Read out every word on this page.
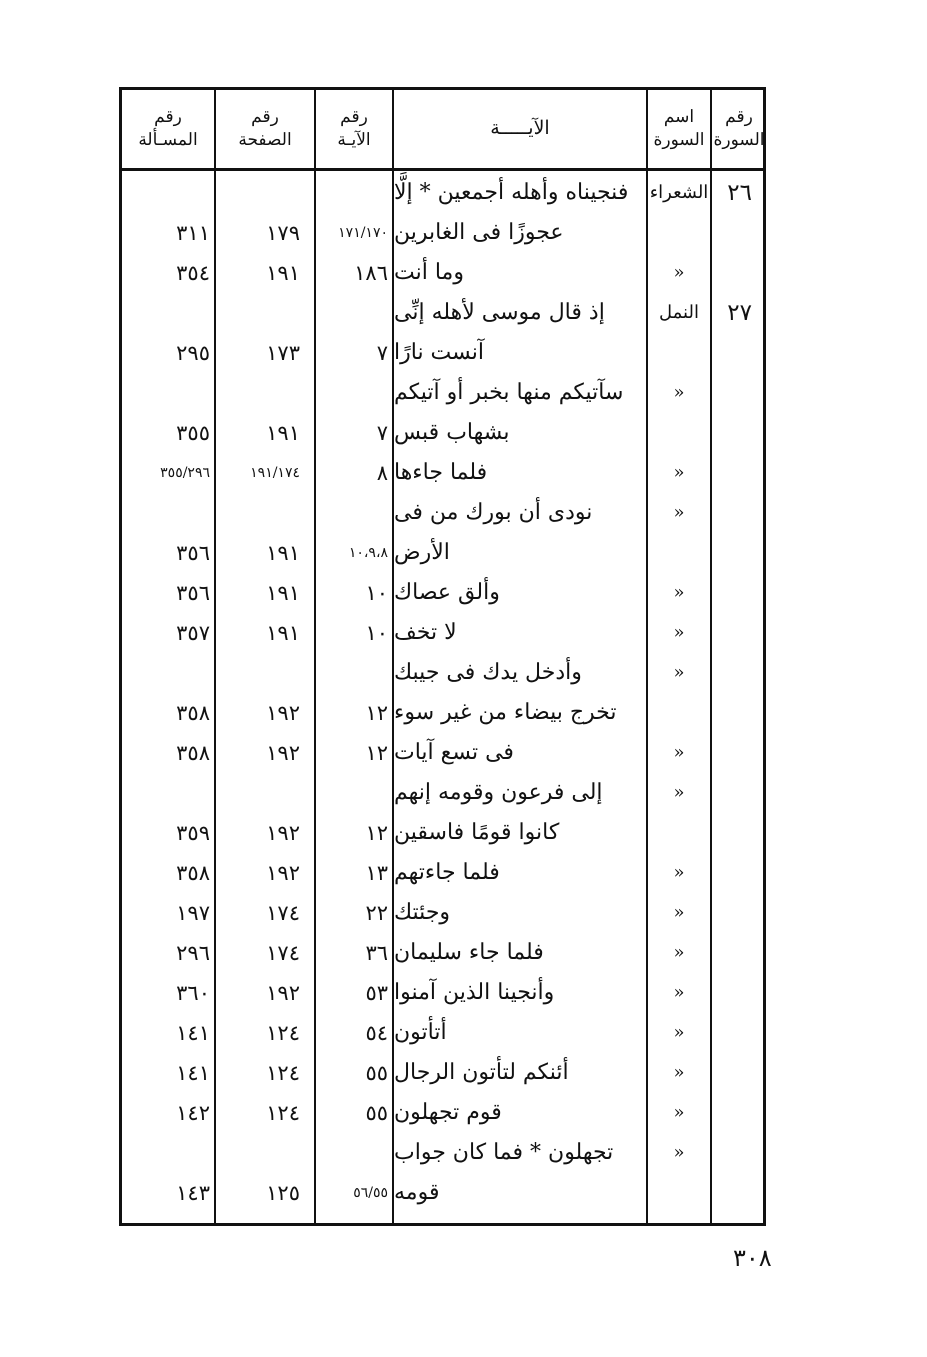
رقم
السورة
اسم
السورة
الآيـــــة
رقم
الآيـة
رقم
الصفحة
رقم
المسـألة
٢٦
الشعراء
فنجيناه وأهله أجمعين * إلَّا
عجوزًا فى الغابرين
١٧١/١٧٠
١٧٩
٣١١
»
وما أنت
١٨٦
١٩١
٣٥٤
٢٧
النمل
إذ قال موسى لأهله إنِّى
آنست نارًا
٧
١٧٣
٢٩٥
»
سآتيكم منها بخبر أو آتيكم
بشهاب قبس
٧
١٩١
٣٥٥
»
فلما جاءها
٨
١٩١/١٧٤
٣٥٥/٢٩٦
»
نودى أن بورك من فى
الأرض
١٠،٩،٨
١٩١
٣٥٦
»
وألق عصاك
١٠
١٩١
٣٥٦
»
لا تخف
١٠
١٩١
٣٥٧
»
وأدخل يدك فى جيبك
تخرج بيضاء من غير سوء
١٢
١٩٢
٣٥٨
»
فى تسع آيات
١٢
١٩٢
٣٥٨
»
إلى فرعون وقومه إنهم
كانوا قومًا فاسقين
١٢
١٩٢
٣٥٩
»
فلما جاءتهم
١٣
١٩٢
٣٥٨
»
وجئتك
٢٢
١٧٤
١٩٧
»
فلما جاء سليمان
٣٦
١٧٤
٢٩٦
»
وأنجينا الذين آمنوا
٥٣
١٩٢
٣٦٠
»
أتأتون
٥٤
١٢٤
١٤١
»
أئنكم لتأتون الرجال
٥٥
١٢٤
١٤١
»
قوم تجهلون
٥٥
١٢٤
١٤٢
»
تجهلون * فما كان جواب
قومه
٥٦/٥٥
١٢٥
١٤٣
٣٠٨
